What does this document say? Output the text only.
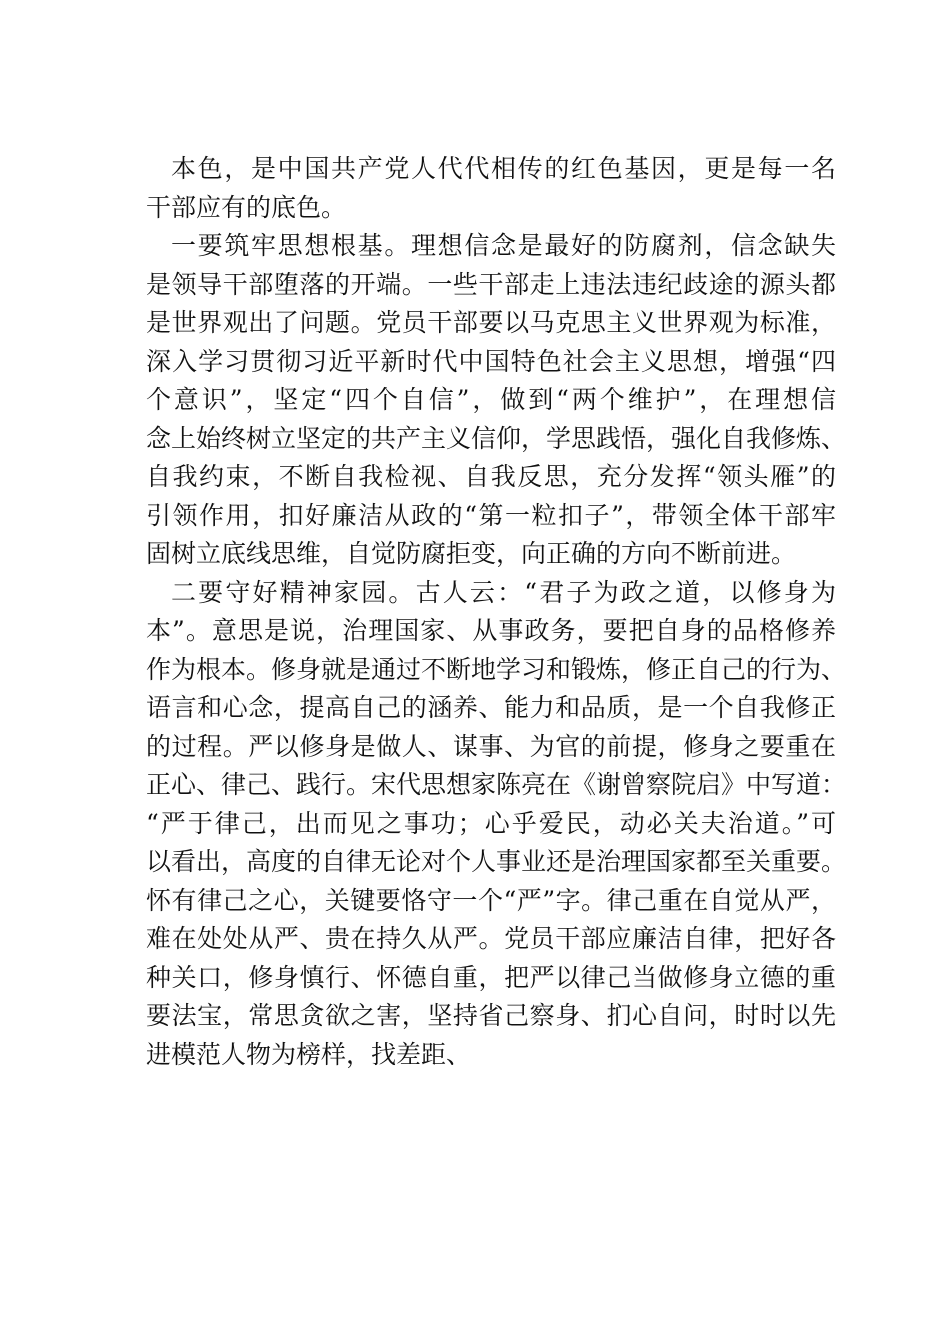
本色，是中国共产党人代代相传的红色基因，更是每一名
干部应有的底色。
一要筑牢思想根基。理想信念是最好的防腐剂，信念缺失
是领导干部堕落的开端。一些干部走上违法违纪歧途的源头都
是世界观出了问题。党员干部要以马克思主义世界观为标准，
深入学习贯彻习近平新时代中国特色社会主义思想，增强“四
个意识”，坚定“四个自信”，做到“两个维护”，在理想信
念上始终树立坚定的共产主义信仰，学思践悟，强化自我修炼、
自我约束，不断自我检视、自我反思，充分发挥“领头雁”的
引领作用，扣好廉洁从政的“第一粒扣子”，带领全体干部牢
固树立底线思维，自觉防腐拒变，向正确的方向不断前进。
二要守好精神家园。古人云：“君子为政之道，以修身为
本”。意思是说，治理国家、从事政务，要把自身的品格修养
作为根本。修身就是通过不断地学习和锻炼，修正自己的行为、
语言和心念，提高自己的涵养、能力和品质，是一个自我修正
的过程。严以修身是做人、谋事、为官的前提，修身之要重在
正心、律己、践行。宋代思想家陈亮在《谢曾察院启》中写道：
“严于律己，出而见之事功；心乎爱民，动必关夫治道。”可
以看出，高度的自律无论对个人事业还是治理国家都至关重要。
怀有律己之心，关键要恪守一个“严”字。律己重在自觉从严，
难在处处从严、贵在持久从严。党员干部应廉洁自律，把好各
种关口，修身慎行、怀德自重，把严以律己当做修身立德的重
要法宝，常思贪欲之害，坚持省己察身、扪心自问，时时以先
进模范人物为榜样，找差距、
